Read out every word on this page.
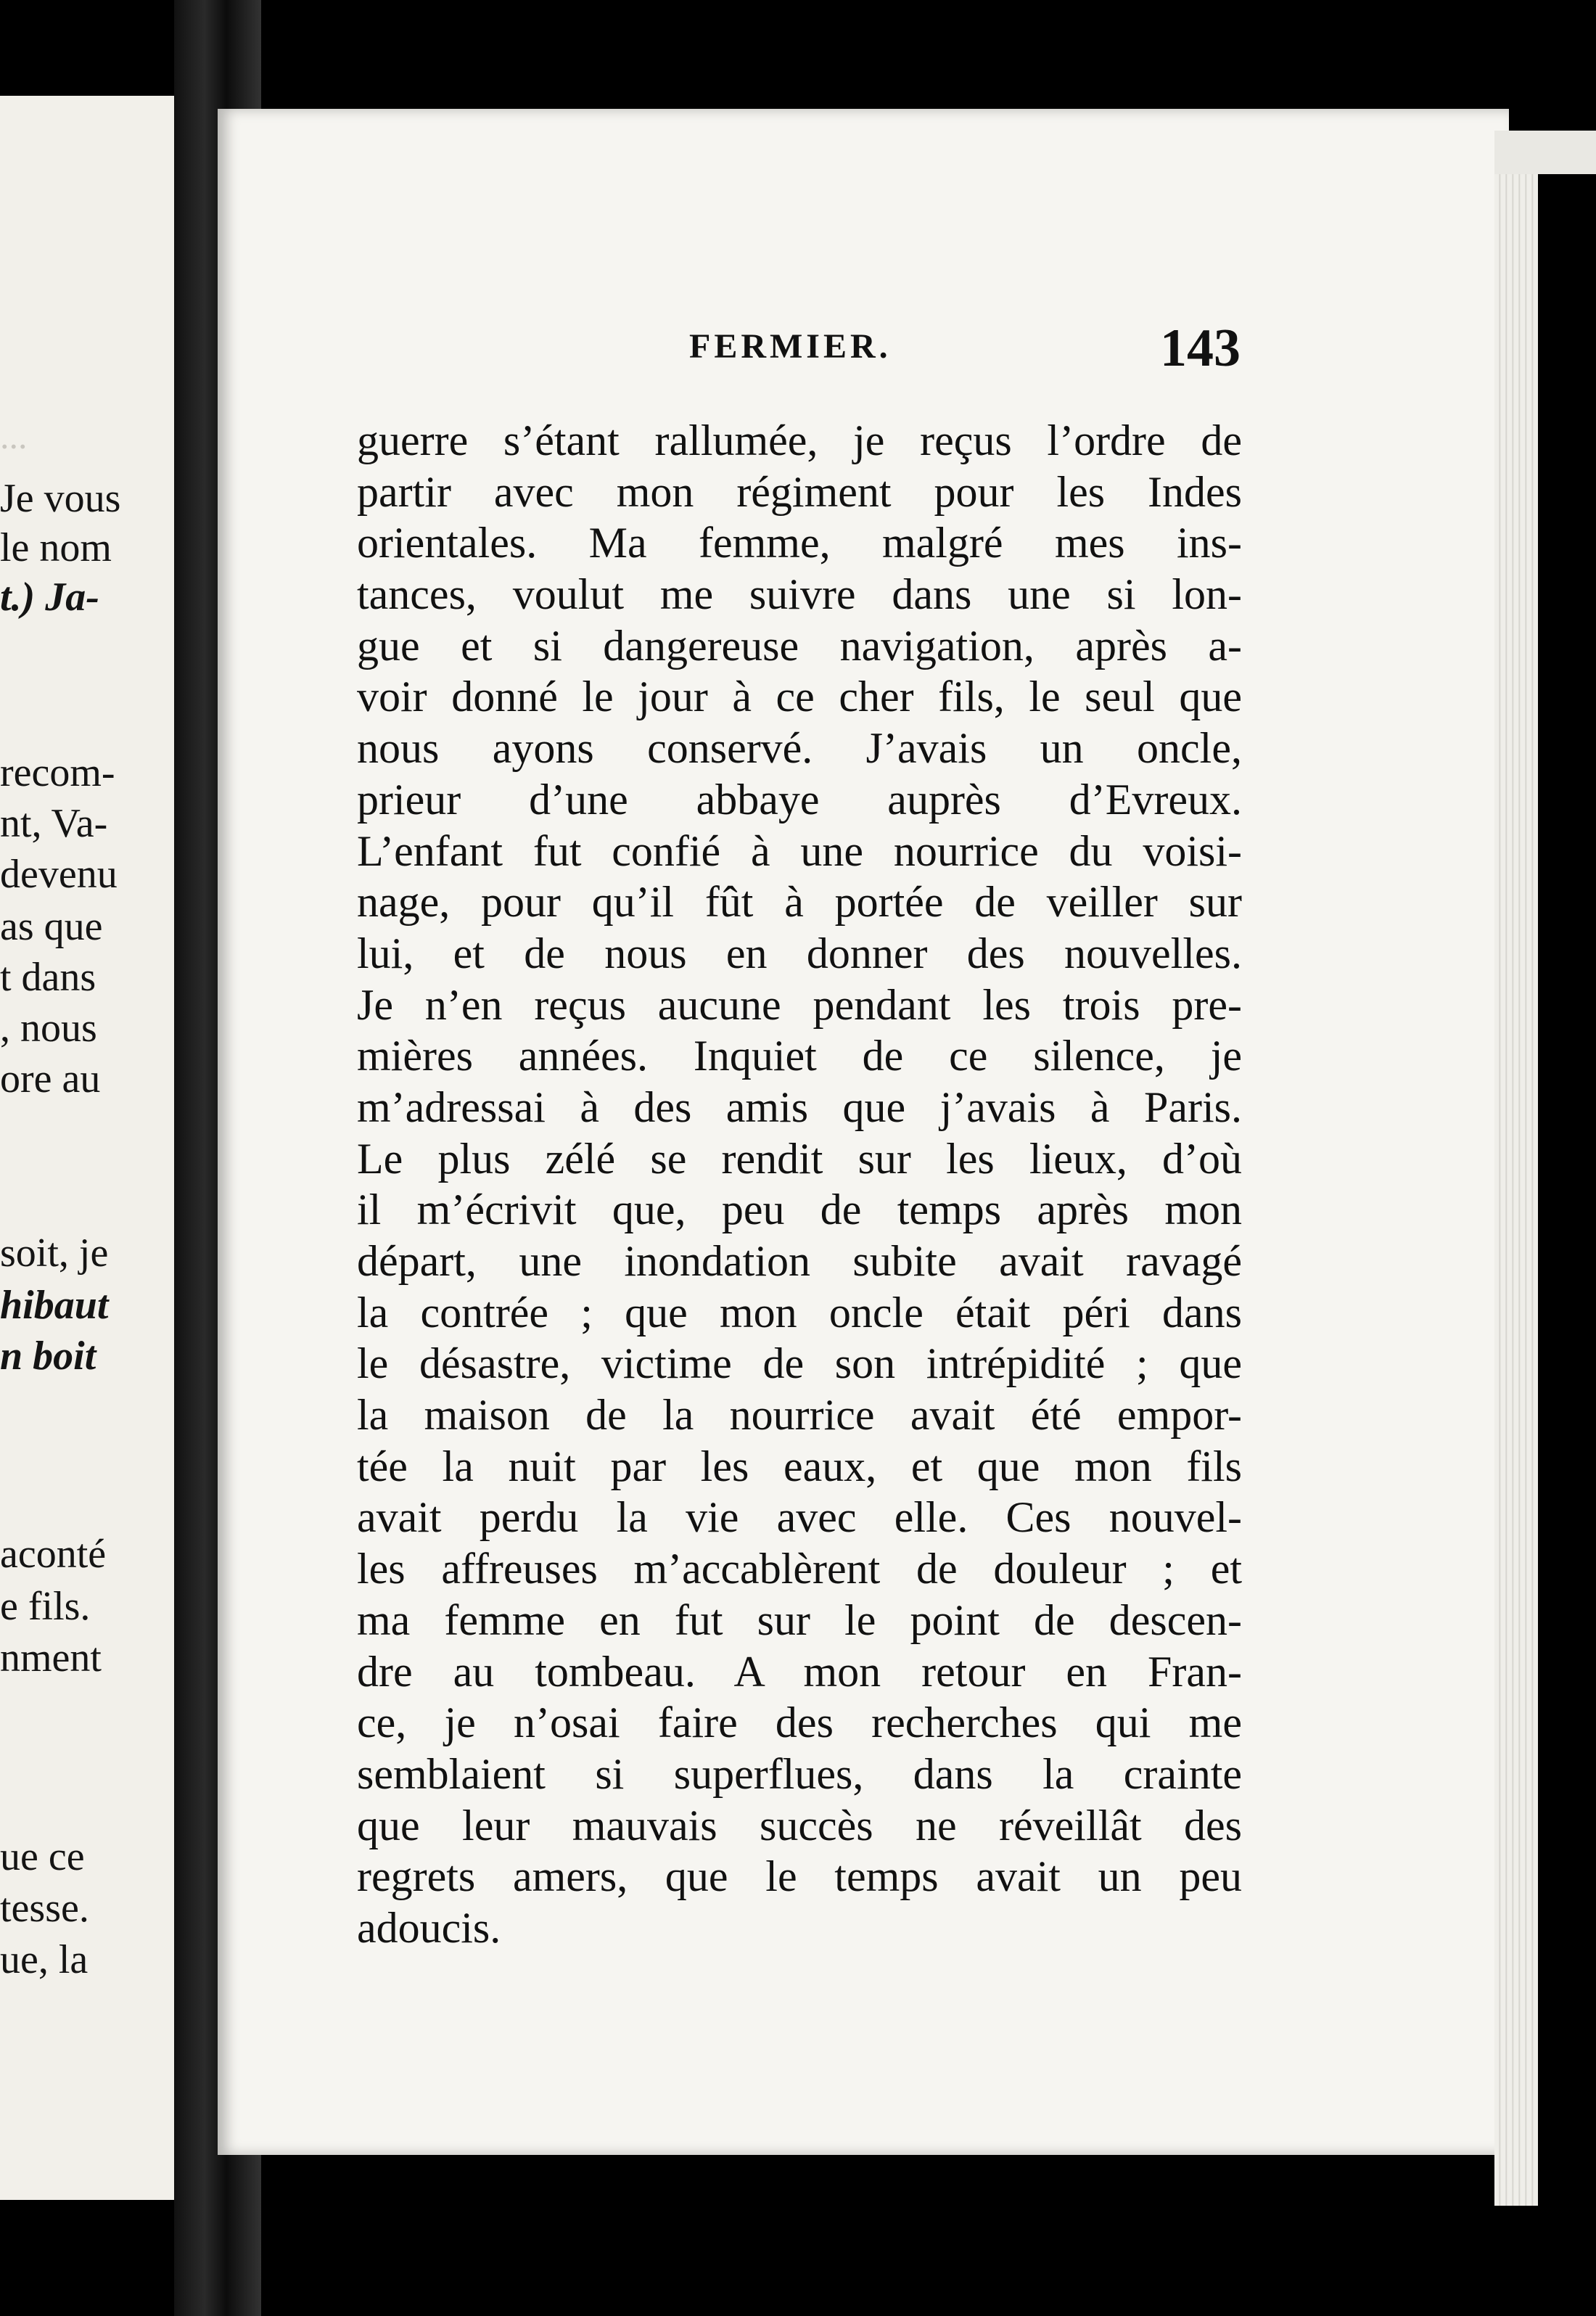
...
Je vous
le nom
t.) Ja-
recom-
nt, Va-
devenu
as que
t dans
, nous
ore au
soit, je
hibaut
n boit
aconté
e fils.
nment
ue ce
tesse.
ue, la
FERMIER.	143
guerre s’étant rallumée, je reçus l’ordre de
partir avec mon régiment pour les Indes
orientales. Ma femme, malgré mes ins-
tances, voulut me suivre dans une si lon-
gue et si dangereuse navigation, après a-
voir donné le jour à ce cher fils, le seul que
nous ayons conservé. J’avais un oncle,
prieur d’une abbaye auprès d’Evreux.
L’enfant fut confié à une nourrice du voisi-
nage, pour qu’il fût à portée de veiller sur
lui, et de nous en donner des nouvelles.
Je n’en reçus aucune pendant les trois pre-
mières années. Inquiet de ce silence, je
m’adressai à des amis que j’avais à Paris.
Le plus zélé se rendit sur les lieux, d’où
il m’écrivit que, peu de temps après mon
départ, une inondation subite avait ravagé
la contrée ; que mon oncle était péri dans
le désastre, victime de son intrépidité ; que
la maison de la nourrice avait été empor-
tée la nuit par les eaux, et que mon fils
avait perdu la vie avec elle. Ces nouvel-
les affreuses m’accablèrent de douleur ; et
ma femme en fut sur le point de descen-
dre au tombeau. A mon retour en Fran-
ce, je n’osai faire des recherches qui me
semblaient si superflues, dans la crainte
que leur mauvais succès ne réveillât des
regrets amers, que le temps avait un peu
adoucis.
